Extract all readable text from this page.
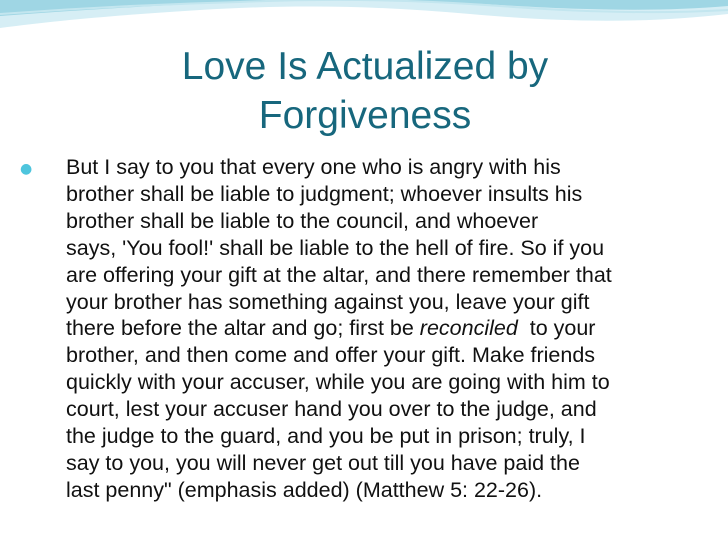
Love Is Actualized by
Forgiveness
● But I say to you that every one who is angry with his
brother shall be liable to judgment; whoever insults his
brother shall be liable to the council, and whoever
says, 'You fool!' shall be liable to the hell of fire. So if you
are offering your gift at the altar, and there remember that
your brother has something against you, leave your gift
there before the altar and go; first be reconciled  to your
brother, and then come and offer your gift. Make friends
quickly with your accuser, while you are going with him to
court, lest your accuser hand you over to the judge, and
the judge to the guard, and you be put in prison; truly, I
say to you, you will never get out till you have paid the
last penny" (emphasis added) (Matthew 5: 22-26).
